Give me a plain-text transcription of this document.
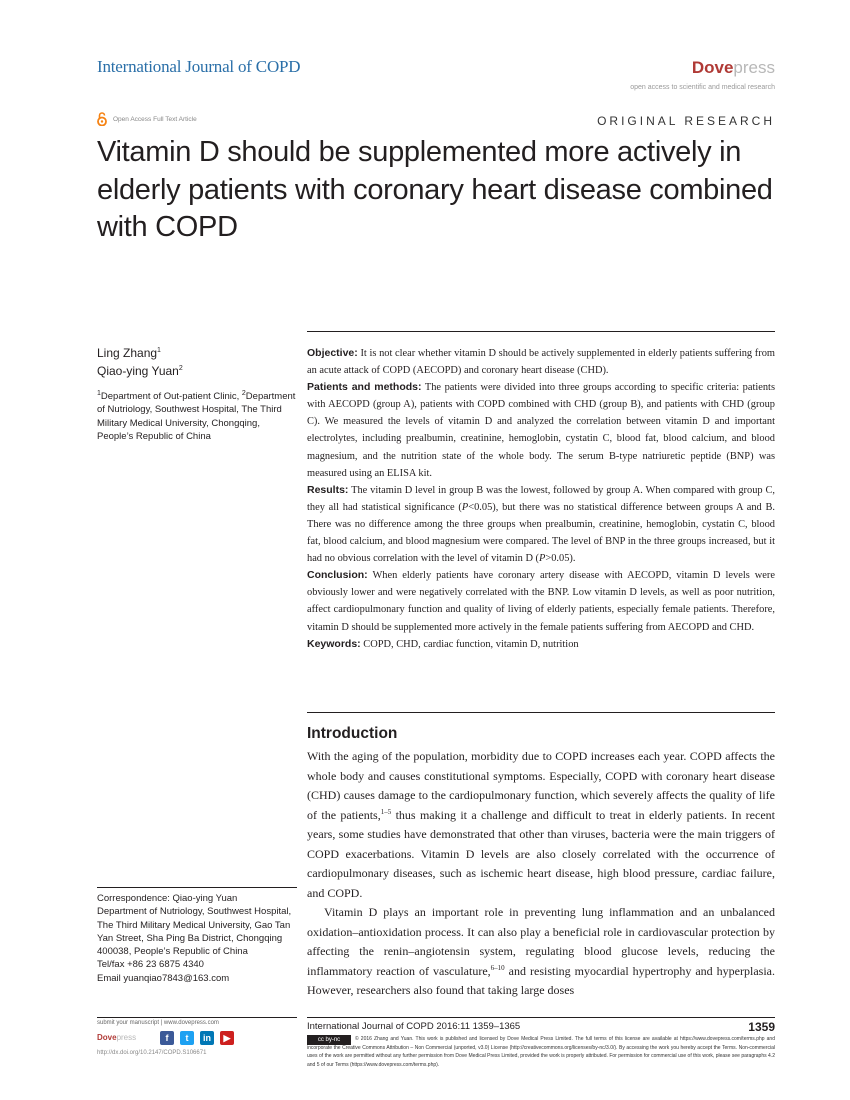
International Journal of COPD	Dovepress
open access to scientific and medical research
Open Access Full Text Article	ORIGINAL RESEARCH
Vitamin D should be supplemented more actively in elderly patients with coronary heart disease combined with COPD
Ling Zhang$^1$
Qiao-ying Yuan$^2$
$^1$Department of Out-patient Clinic, $^2$Department of Nutriology, Southwest Hospital, The Third Military Medical University, Chongqing, People’s Republic of China
Correspondence: Qiao-ying Yuan
Department of Nutriology, Southwest Hospital, The Third Military Medical University, Gao Tan Yan Street, Sha Ping Ba District, Chongqing 400038, People’s Republic of China
Tel/fax +86 23 6875 4340
Email yuanqiao7843@163.com

Objective: It is not clear whether vitamin D should be actively supplemented in elderly patients suffering from an acute attack of COPD (AECOPD) and coronary heart disease (CHD).

Patients and methods: The patients were divided into three groups according to specific criteria: patients with AECOPD (group A), patients with COPD combined with CHD (group B), and patients with CHD (group C). We measured the levels of vitamin D and analyzed the correlation between vitamin D and important electrolytes, including prealbumin, creatinine, hemoglobin, cystatin C, blood fat, blood calcium, and blood magnesium, and the nutrition state of the whole body. The serum B-type natriuretic peptide (BNP) was measured using an ELISA kit.

Results: The vitamin D level in group B was the lowest, followed by group A. When compared with group C, they all had statistical significance (P<0.05), but there was no statistical difference between groups A and B. There was no difference among the three groups when prealbumin, creatinine, hemoglobin, cystatin C, blood fat, blood calcium, and blood magnesium were compared. The level of BNP in the three groups increased, but it had no obvious correlation with the level of vitamin D (P>0.05).

Conclusion: When elderly patients have coronary artery disease with AECOPD, vitamin D levels were obviously lower and were negatively correlated with the BNP. Low vitamin D levels, as well as poor nutrition, affect cardiopulmonary function and quality of living of elderly patients, especially female patients. Therefore, vitamin D should be supplemented more actively in the female patients suffering from AECOPD and CHD.

Keywords: COPD, CHD, cardiac function, vitamin D, nutrition

Introduction

With the aging of the population, morbidity due to COPD increases each year. COPD affects the whole body and causes constitutional symptoms. Especially, COPD with coronary heart disease (CHD) causes damage to the cardiopulmonary function, which severely affects the quality of life of the patients,$^{1-5}$ thus making it a challenge and difficult to treat in elderly patients. In recent years, some studies have demonstrated that other than viruses, bacteria were the main triggers of COPD exacerbations. Vitamin D levels are also closely correlated with the occurrence of cardiopulmonary diseases, such as ischemic heart disease, high blood pressure, cardiac failure, and COPD.

Vitamin D plays an important role in preventing lung inflammation and an unbalanced oxidation–antioxidation process. It can also play a beneficial role in cardiovascular protection by affecting the renin–angiotensin system, regulating blood glucose levels, reducing the inflammatory reaction of vasculature,$^{6-10}$ and resisting myocardial hypertrophy and hyperplasia. However, researchers also found that taking large doses

submit your manuscript | www.dovepress.com
Dovepress	f	t	in	▶
http://dx.doi.org/10.2147/COPD.S106671
International Journal of COPD 2016:11 1359–1365	1359
cc by-nc	© 2016 Zhang and Yuan. This work is published and licensed by Dove Medical Press Limited. The full terms of this license are available at https://www.dovepress.com/terms.php and incorporate the Creative Commons Attribution – Non Commercial (unported, v3.0) License (http://creativecommons.org/licenses/by-nc/3.0/). By accessing the work you hereby accept the Terms. Non-commercial uses of the work are permitted without any further permission from Dove Medical Press Limited, provided the work is properly attributed. For permission for commercial use of this work, please see paragraphs 4.2 and 5 of our Terms (https://www.dovepress.com/terms.php).
